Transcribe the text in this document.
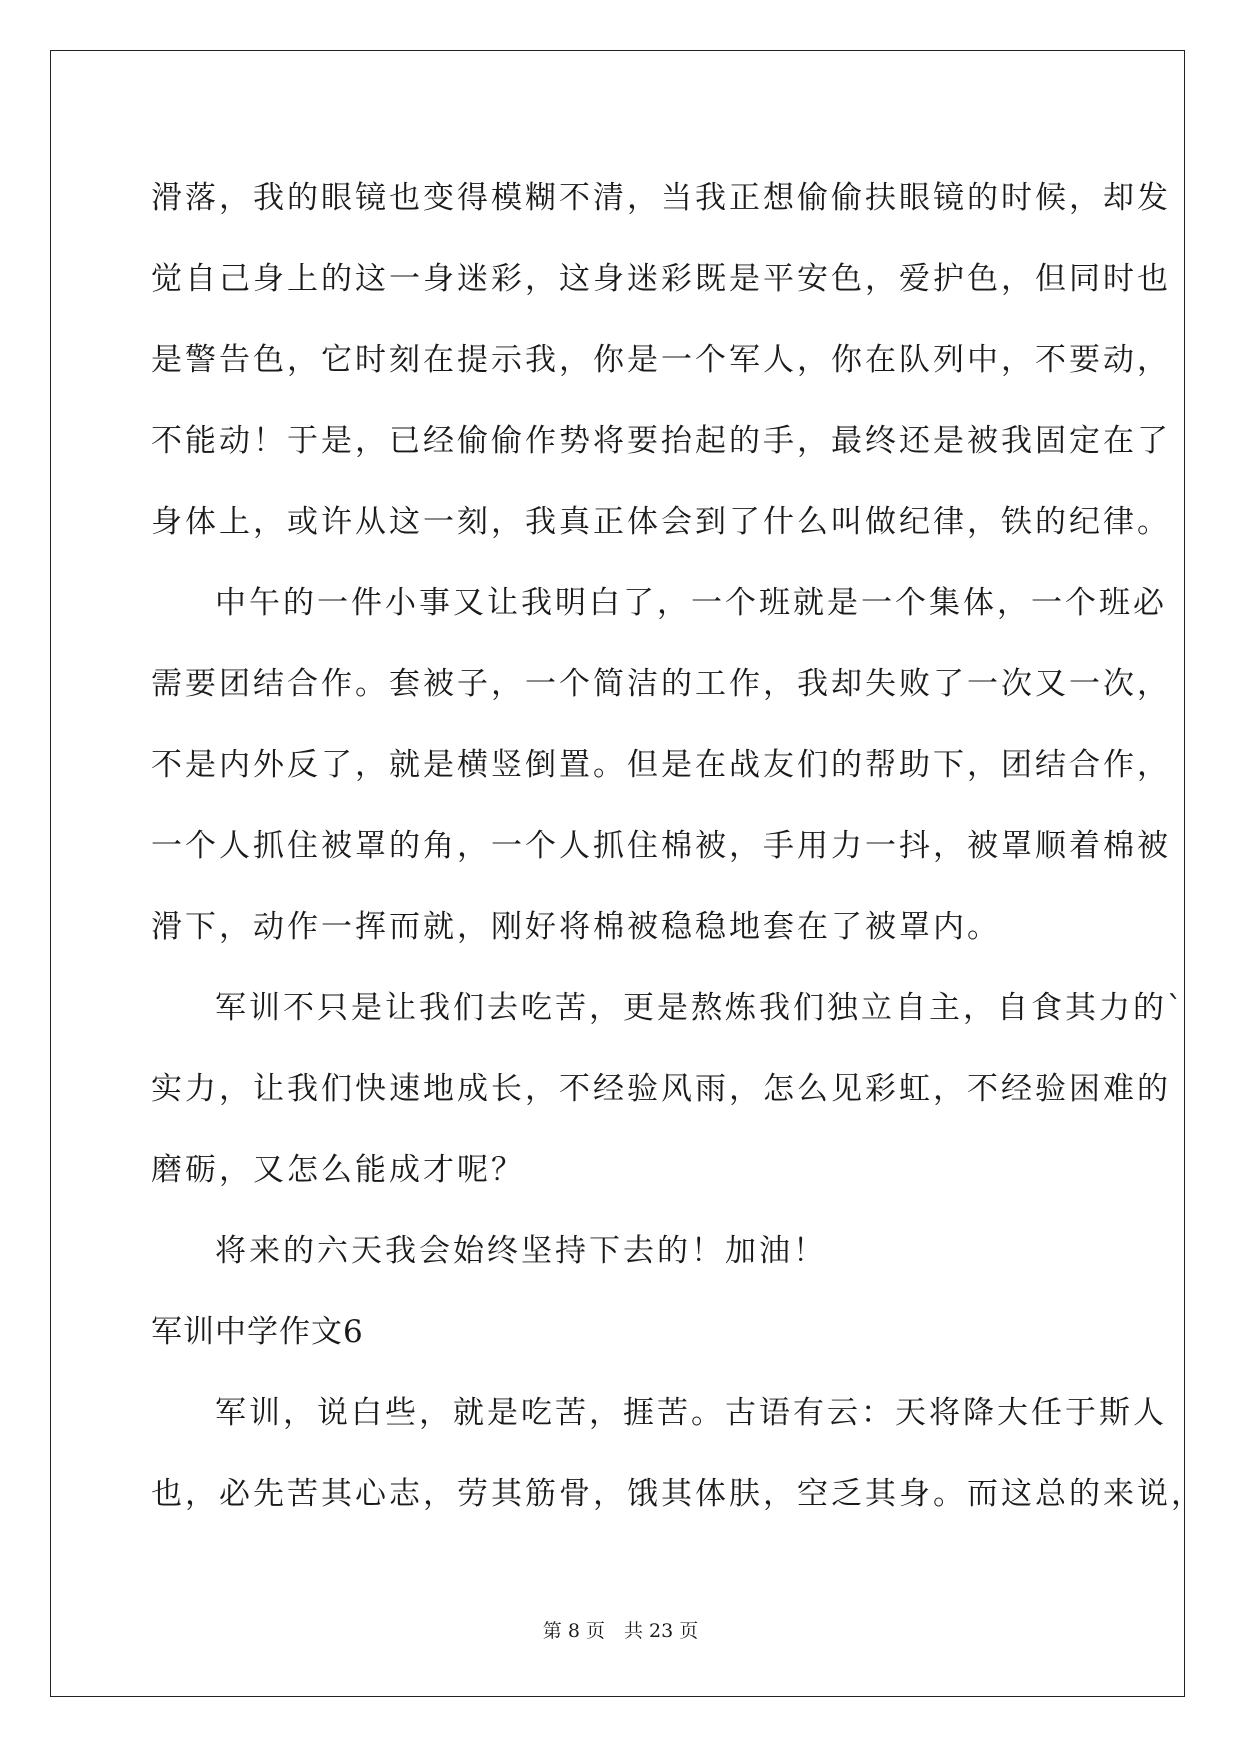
滑落，我的眼镜也变得模糊不清，当我正想偷偷扶眼镜的时候，却发
觉自己身上的这一身迷彩，这身迷彩既是平安色，爱护色，但同时也
是警告色，它时刻在提示我，你是一个军人，你在队列中，不要动，
不能动！于是，已经偷偷作势将要抬起的手，最终还是被我固定在了
身体上，或许从这一刻，我真正体会到了什么叫做纪律，铁的纪律。
中午的一件小事又让我明白了，一个班就是一个集体，一个班必
需要团结合作。套被子，一个简洁的工作，我却失败了一次又一次，
不是内外反了，就是横竖倒置。但是在战友们的帮助下，团结合作，
一个人抓住被罩的角，一个人抓住棉被，手用力一抖，被罩顺着棉被
滑下，动作一挥而就，刚好将棉被稳稳地套在了被罩内。
军训不只是让我们去吃苦，更是熬炼我们独立自主，自食其力的`
实力，让我们快速地成长，不经验风雨，怎么见彩虹，不经验困难的
磨砺，又怎么能成才呢？
将来的六天我会始终坚持下去的！加油！
军训中学作文6
军训，说白些，就是吃苦，捱苦。古语有云：天将降大任于斯人
也，必先苦其心志，劳其筋骨，饿其体肤，空乏其身。而这总的来说，
第 8 页　共 23 页
